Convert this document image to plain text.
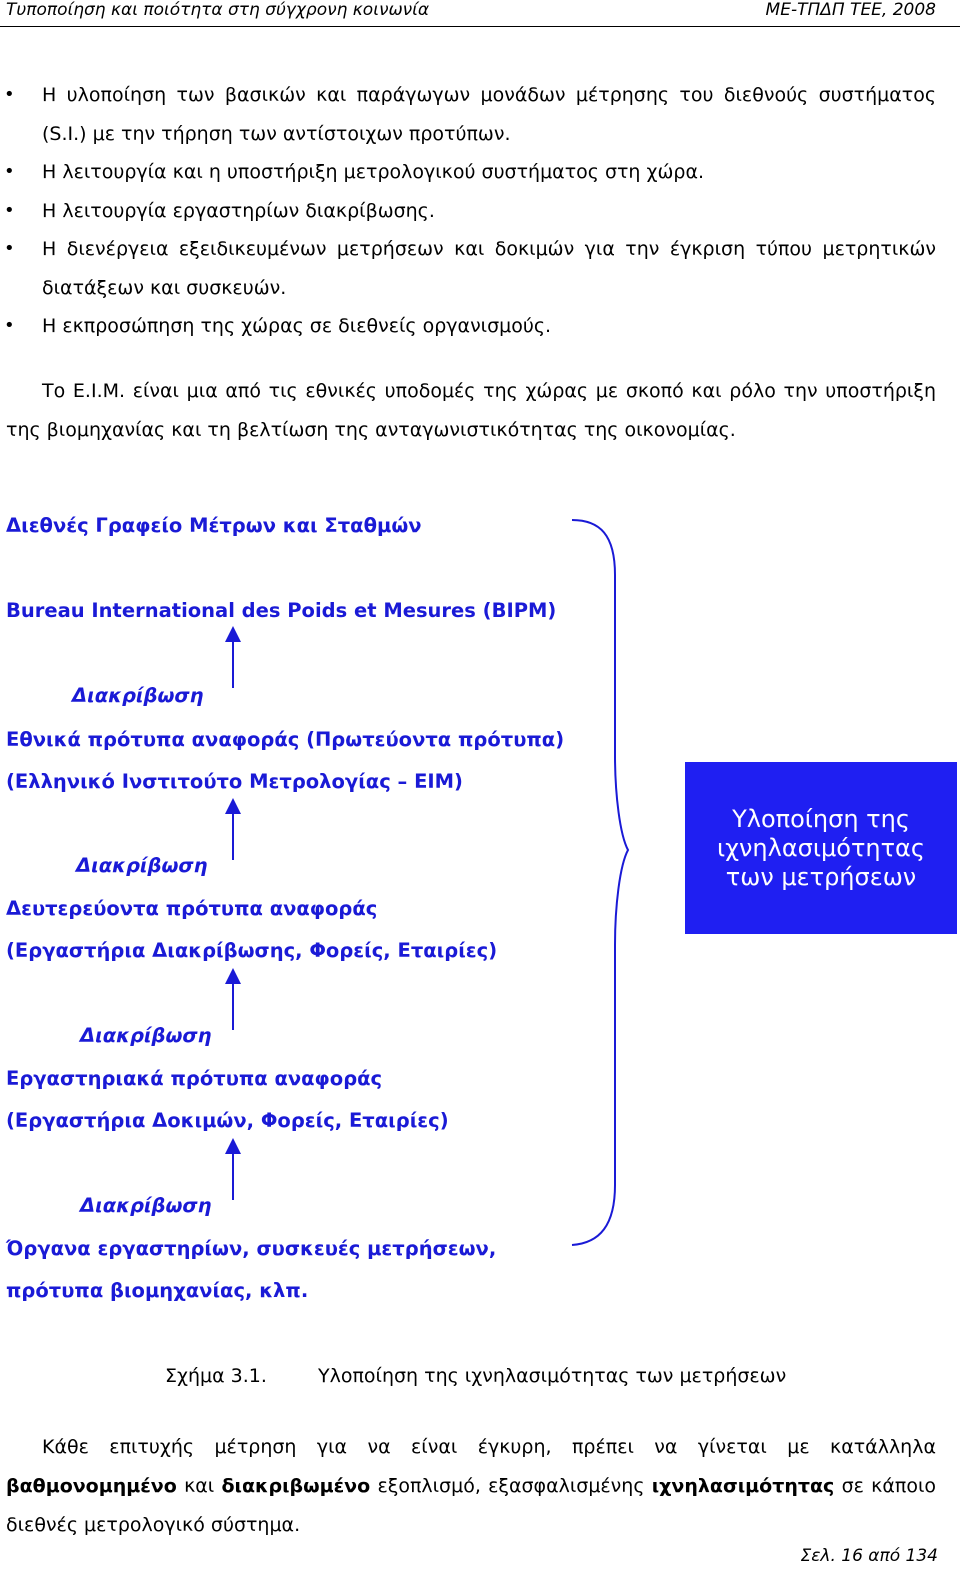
Τυποποίηση και ποιότητα στη σύγχρονη κοινωνία	ΜΕ-ΤΠΔΠ ΤΕΕ, 2008
• Η υλοποίηση των βασικών και παράγωγων μονάδων μέτρησης του διεθνούς συστήματος (S.I.) με την τήρηση των αντίστοιχων προτύπων.
• Η λειτουργία και η υποστήριξη μετρολογικού συστήματος στη χώρα.
• Η λειτουργία εργαστηρίων διακρίβωσης.
• Η διενέργεια εξειδικευμένων μετρήσεων και δοκιμών για την έγκριση τύπου μετρητικών διατάξεων και συσκευών.
• Η εκπροσώπηση της χώρας σε διεθνείς οργανισμούς.
Το Ε.Ι.Μ. είναι μια από τις εθνικές υποδομές της χώρας με σκοπό και ρόλο την υποστήριξη της βιομηχανίας και τη βελτίωση της ανταγωνιστικότητας της οικονομίας.
Διεθνές Γραφείο Μέτρων και Σταθμών
Bureau International des Poids et Mesures (BIPM)
Διακρίβωση
Εθνικά πρότυπα αναφοράς (Πρωτεύοντα πρότυπα)
(Ελληνικό Ινστιτούτο Μετρολογίας – ΕΙΜ)
Διακρίβωση
Δευτερεύοντα πρότυπα αναφοράς
(Εργαστήρια Διακρίβωσης, Φορείς, Εταιρίες)
Διακρίβωση
Εργαστηριακά πρότυπα αναφοράς
(Εργαστήρια Δοκιμών, Φορείς, Εταιρίες)
Διακρίβωση
Όργανα εργαστηρίων, συσκευές μετρήσεων,
πρότυπα βιομηχανίας, κλπ.
Υλοποίηση της ιχνηλασιμότητας των μετρήσεων
Σχήμα 3.1.	Υλοποίηση της ιχνηλασιμότητας των μετρήσεων
Κάθε επιτυχής μέτρηση για να είναι έγκυρη, πρέπει να γίνεται με κατάλληλα βαθμονομημένο και διακριβωμένο εξοπλισμό, εξασφαλισμένης ιχνηλασιμότητας σε κάποιο διεθνές μετρολογικό σύστημα.
Σελ. 16 από 134
